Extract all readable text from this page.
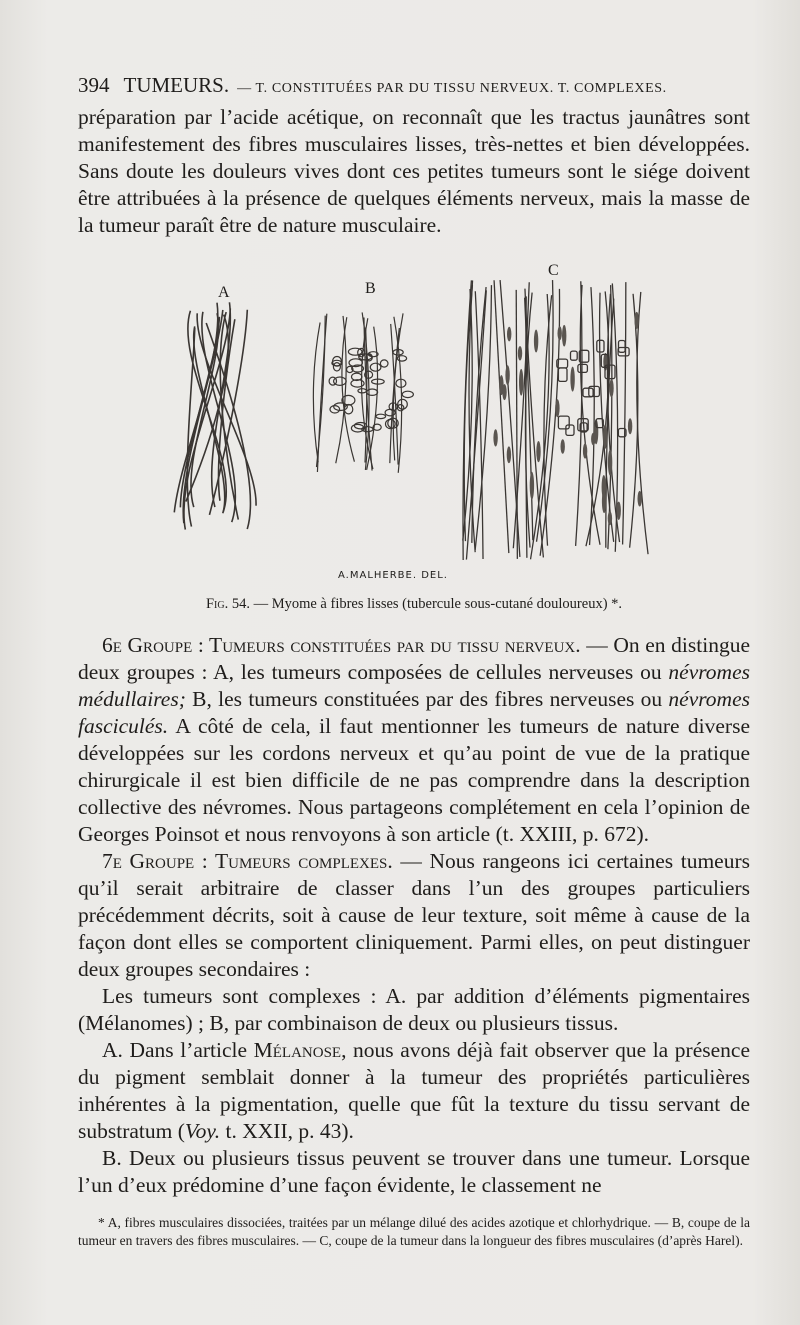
394 TUMEURS. — T. CONSTITUÉES PAR DU TISSU NERVEUX. T. COMPLEXES.

préparation par l’acide acétique, on reconnaît que les tractus jaunâtres sont manifestement des fibres musculaires lisses, très-nettes et bien développées. Sans doute les douleurs vives dont ces petites tumeurs sont le siége doivent être attribuées à la présence de quelques éléments nerveux, mais la masse de la tumeur paraît être de nature musculaire.

A	B
C
A.MALHERBE. DEL.
Fig. 54. — Myome à fibres lisses (tubercule sous-cutané douloureux) *.

6e Groupe : Tumeurs constituées par du tissu nerveux. — On en distingue deux groupes : A, les tumeurs composées de cellules nerveuses ou névromes médullaires; B, les tumeurs constituées par des fibres nerveuses ou névromes fasciculés. A côté de cela, il faut mentionner les tumeurs de nature diverse développées sur les cordons nerveux et qu’au point de vue de la pratique chirurgicale il est bien difficile de ne pas comprendre dans la description collective des névromes. Nous partageons complétement en cela l’opinion de Georges Poinsot et nous renvoyons à son article (t. XXIII, p. 672).

7e Groupe : Tumeurs complexes. — Nous rangeons ici certaines tumeurs qu’il serait arbitraire de classer dans l’un des groupes particuliers précédemment décrits, soit à cause de leur texture, soit même à cause de la façon dont elles se comportent cliniquement. Parmi elles, on peut distinguer deux groupes secondaires :

Les tumeurs sont complexes : A. par addition d’éléments pigmentaires (Mélanomes) ; B, par combinaison de deux ou plusieurs tissus.

A. Dans l’article Mélanose, nous avons déjà fait observer que la présence du pigment semblait donner à la tumeur des propriétés particulières inhérentes à la pigmentation, quelle que fût la texture du tissu servant de substratum (Voy. t. XXII, p. 43).

B. Deux ou plusieurs tissus peuvent se trouver dans une tumeur. Lorsque l’un d’eux prédomine d’une façon évidente, le classement ne

* A, fibres musculaires dissociées, traitées par un mélange dilué des acides azotique et chlorhydrique. — B, coupe de la tumeur en travers des fibres musculaires. — C, coupe de la tumeur dans la longueur des fibres musculaires (d’après Harel).
